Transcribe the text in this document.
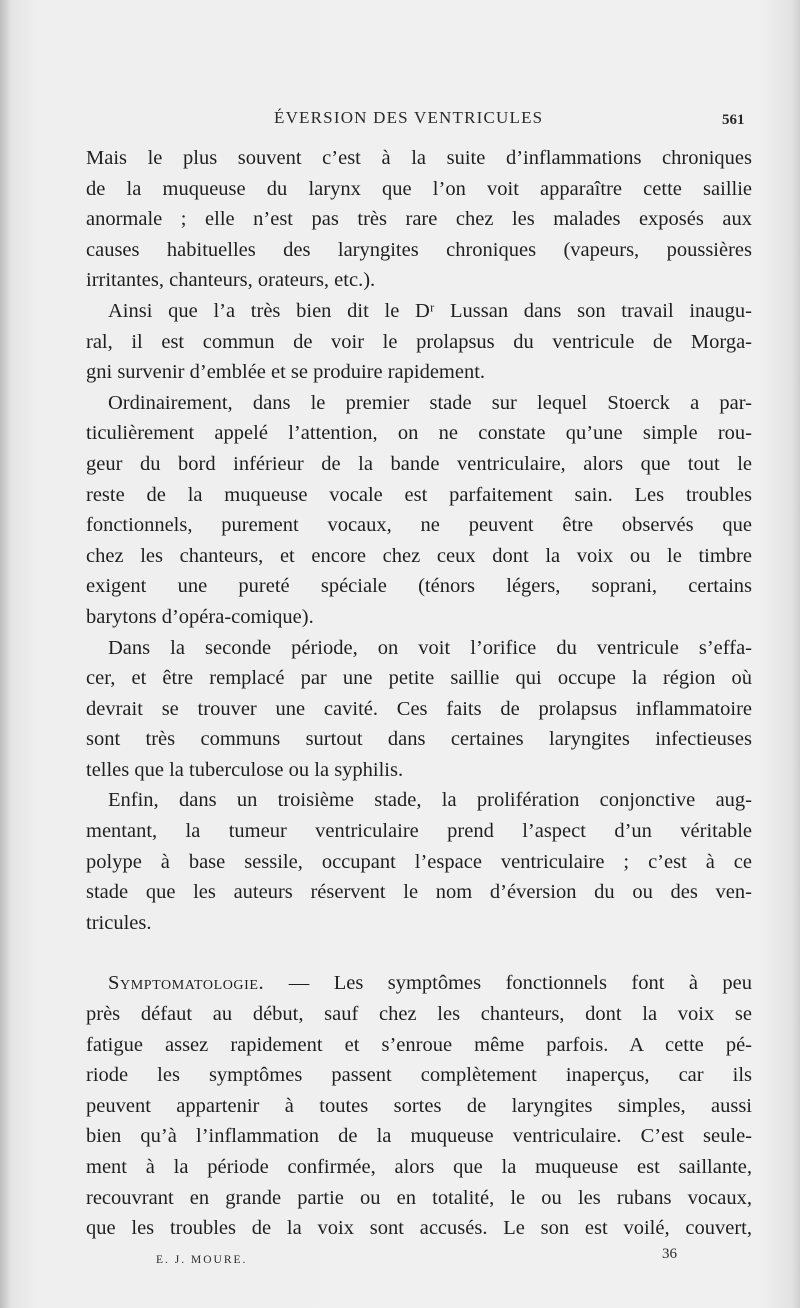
ÉVERSION DES VENTRICULES	561
Mais le plus souvent c’est à la suite d’inflammations chroniques
de la muqueuse du larynx que l’on voit apparaître cette saillie
anormale ; elle n’est pas très rare chez les malades exposés aux
causes habituelles des laryngites chroniques (vapeurs, poussières
irritantes, chanteurs, orateurs, etc.).
Ainsi que l’a très bien dit le Dʳ Lussan dans son travail inaugu-
ral, il est commun de voir le prolapsus du ventricule de Morga-
gni survenir d’emblée et se produire rapidement.
Ordinairement, dans le premier stade sur lequel Stoerck a par-
ticulièrement appelé l’attention, on ne constate qu’une simple rou-
geur du bord inférieur de la bande ventriculaire, alors que tout le
reste de la muqueuse vocale est parfaitement sain. Les troubles
fonctionnels, purement vocaux, ne peuvent être observés que
chez les chanteurs, et encore chez ceux dont la voix ou le timbre
exigent une pureté spéciale (ténors légers, soprani, certains
barytons d’opéra-comique).
Dans la seconde période, on voit l’orifice du ventricule s’effa-
cer, et être remplacé par une petite saillie qui occupe la région où
devrait se trouver une cavité. Ces faits de prolapsus inflammatoire
sont très communs surtout dans certaines laryngites infectieuses
telles que la tuberculose ou la syphilis.
Enfin, dans un troisième stade, la prolifération conjonctive aug-
mentant, la tumeur ventriculaire prend l’aspect d’un véritable
polype à base sessile, occupant l’espace ventriculaire ; c’est à ce
stade que les auteurs réservent le nom d’éversion du ou des ven-
tricules.
Symptomatologie. — Les symptômes fonctionnels font à peu
près défaut au début, sauf chez les chanteurs, dont la voix se
fatigue assez rapidement et s’enroue même parfois. A cette pé-
riode les symptômes passent complètement inaperçus, car ils
peuvent appartenir à toutes sortes de laryngites simples, aussi
bien qu’à l’inflammation de la muqueuse ventriculaire. C’est seule-
ment à la période confirmée, alors que la muqueuse est saillante,
recouvrant en grande partie ou en totalité, le ou les rubans vocaux,
que les troubles de la voix sont accusés. Le son est voilé, couvert,
E. J. MOURE.	36
